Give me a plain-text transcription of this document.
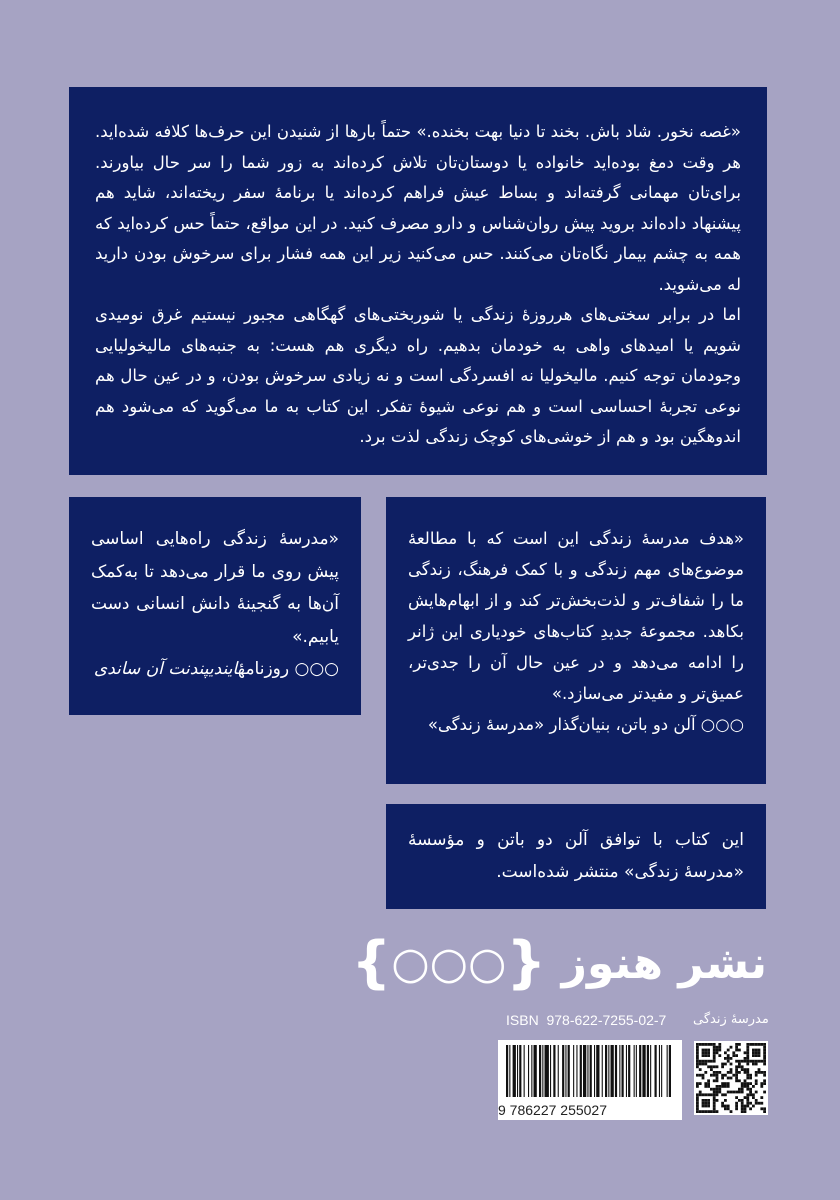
«غصه نخور. شاد باش. بخند تا دنیا بهت بخنده.» حتماً بارها از شنیدن این حرف‌ها کلافه شده‌اید. هر وقت دمغ بوده‌اید خانواده یا دوستان‌تان تلاش کرده‌اند به زور شما را سر حال بیاورند. برای‌تان مهمانی گرفته‌اند و بساط عیش فراهم کرده‌اند یا برنامهٔ سفر ریخته‌اند، شاید هم پیشنهاد داده‌اند بروید پیش روان‌شناس و دارو مصرف کنید. در این مواقع، حتماً حس کرده‌اید که همه به چشم بیمار نگاه‌تان می‌کنند. حس می‌کنید زیر این همه فشار برای سرخوش بودن دارید له می‌شوید.

اما در برابر سختی‌های هرروزهٔ زندگی یا شوربختی‌های گهگاهی مجبور نیستیم غرق نومیدی شویم یا امیدهای واهی به خودمان بدهیم. راه دیگری هم هست: به جنبه‌های مالیخولیایی وجودمان توجه کنیم. مالیخولیا نه افسردگی است و نه زیادی سرخوش بودن، و در عین حال هم نوعی تجربهٔ احساسی است و هم نوعی شیوهٔ تفکر. این کتاب به ما می‌گوید که می‌شود هم اندوهگین بود و هم از خوشی‌های کوچک زندگی لذت برد.

«مدرسهٔ زندگی راه‌هایی اساسی پیش روی ما قرار می‌دهد تا به‌کمک آن‌ها به گنجینهٔ دانش انسانی دست یابیم.»
○○○ روزنامهٔایندیپندنت آن ساندی
«هدف مدرسهٔ زندگی این است که با مطالعهٔ موضوع‌های مهم زندگی و با کمک فرهنگ، زندگی ما را شفاف‌تر و لذت‌بخش‌تر کند و از ابهام‌هایش بکاهد. مجموعهٔ جدیدِ کتاب‌های خودیاری این ژانر را ادامه می‌دهد و در عین حال آن را جدی‌تر، عمیق‌تر و مفیدتر می‌سازد.»
○○○ آلن دو باتن، بنیان‌گذار «مدرسهٔ زندگی»
این کتاب با توافق آلن دو باتن و مؤسسهٔ «مدرسهٔ زندگی» منتشر شده‌است.
نشر هنوز {○○○}
ISBN 978-622-7255-02-7 مدرسهٔ زندگی
9 786227 255027
